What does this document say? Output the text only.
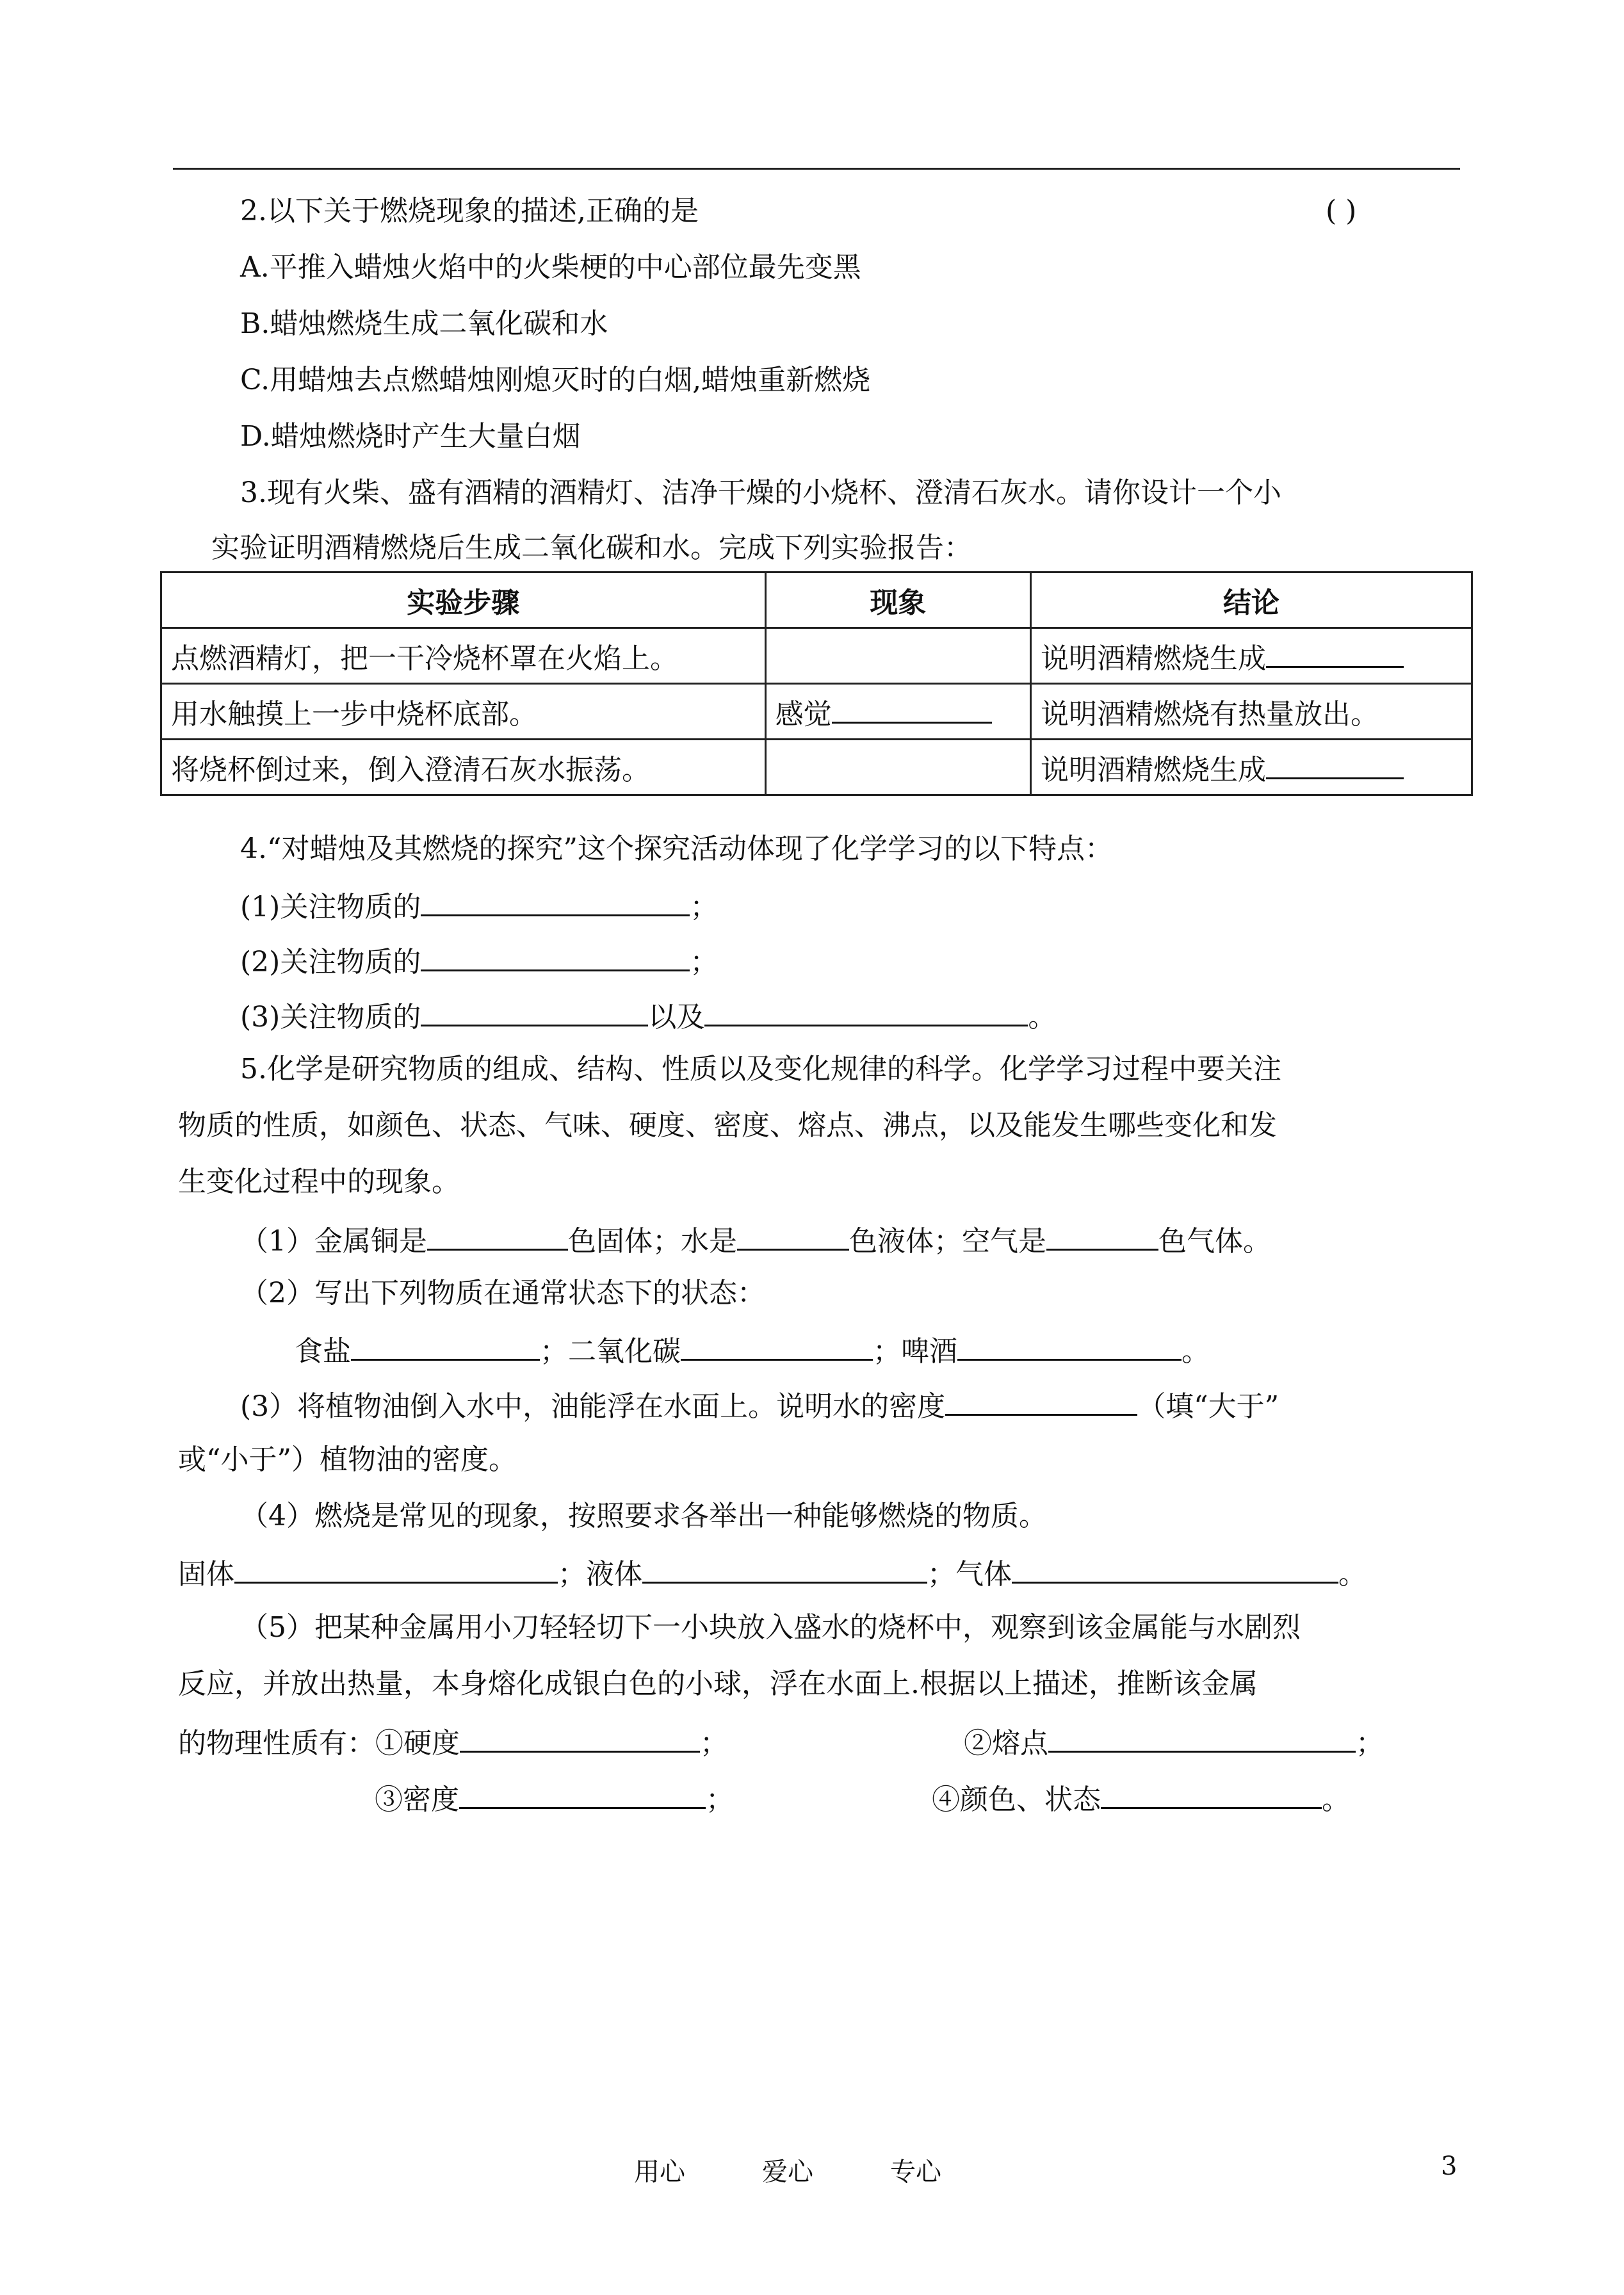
2.以下关于燃烧现象的描述,正确的是	( )
A.平推入蜡烛火焰中的火柴梗的中心部位最先变黑
B.蜡烛燃烧生成二氧化碳和水
C.用蜡烛去点燃蜡烛刚熄灭时的白烟,蜡烛重新燃烧
D.蜡烛燃烧时产生大量白烟
3.现有火柴、盛有酒精的酒精灯、洁净干燥的小烧杯、澄清石灰水。请你设计一个小
实验证明酒精燃烧后生成二氧化碳和水。完成下列实验报告：
实验步骤	现象	结论
点燃酒精灯，把一干冷烧杯罩在火焰上。		说明酒精燃烧生成
用水触摸上一步中烧杯底部。	感觉	说明酒精燃烧有热量放出。
将烧杯倒过来，倒入澄清石灰水振荡。		说明酒精燃烧生成
4.“对蜡烛及其燃烧的探究”这个探究活动体现了化学学习的以下特点：
(1)关注物质的	；
(2)关注物质的	；
(3)关注物质的	以及	。
5.化学是研究物质的组成、结构、性质以及变化规律的科学。化学学习过程中要关注
物质的性质，如颜色、状态、气味、硬度、密度、熔点、沸点，以及能发生哪些变化和发
生变化过程中的现象。
（1）金属铜是	色固体；水是	色液体；空气是	色气体。
（2）写出下列物质在通常状态下的状态：
食盐	；二氧化碳	；啤酒	。
(3）将植物油倒入水中，油能浮在水面上。说明水的密度	（填“大于”
或“小于”）植物油的密度。
（4）燃烧是常见的现象，按照要求各举出一种能够燃烧的物质。
固体	；液体	；气体	。
（5）把某种金属用小刀轻轻切下一小块放入盛水的烧杯中，观察到该金属能与水剧烈
反应，并放出热量，本身熔化成银白色的小球，浮在水面上.根据以上描述，推断该金属
的物理性质有：①硬度	；	②熔点	；
③密度	；	④颜色、状态	。
用心	爱心	专心	3
